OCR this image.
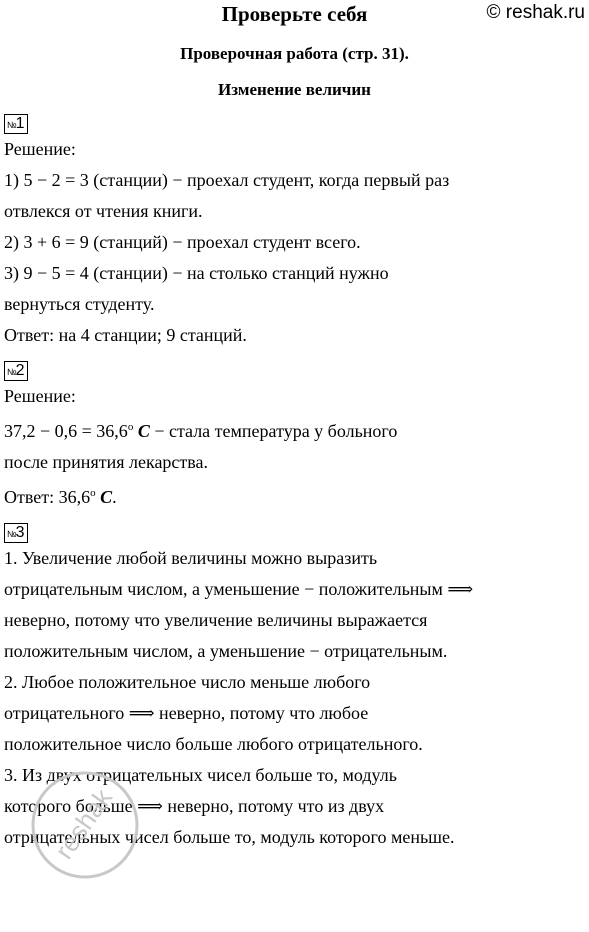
Проверьте себя	© reshak.ru
Проверочная работа (стр. 31).
Изменение величин
№1
Решение:
1) 5 − 2 = 3 (станции) − проехал студент, когда первый раз
отвлекся от чтения книги.
2) 3 + 6 = 9 (станций) − проехал студент всего.
3) 9 − 5 = 4 (станции) − на столько станций нужно
вернуться студенту.
Ответ: на 4 станции; 9 станций.
№2
Решение:
$37,2 - 0,6 = 36,6^о$ C − стала температура у больного
после принятия лекарства.
Ответ: $36,6^о$ C.
№3
1. Увеличение любой величины можно выразить
отрицательным числом, а уменьшение − положительным ⟹
неверно, потому что увеличение величины выражается
положительным числом, а уменьшение − отрицательным.
2. Любое положительное число меньше любого
отрицательного ⟹ неверно, потому что любое
положительное число больше любого отрицательного.
3. Из двух отрицательных чисел больше то, модуль
которого больше ⟹ неверно, потому что из двух
отрицательных чисел больше то, модуль которого меньше.
reshak
